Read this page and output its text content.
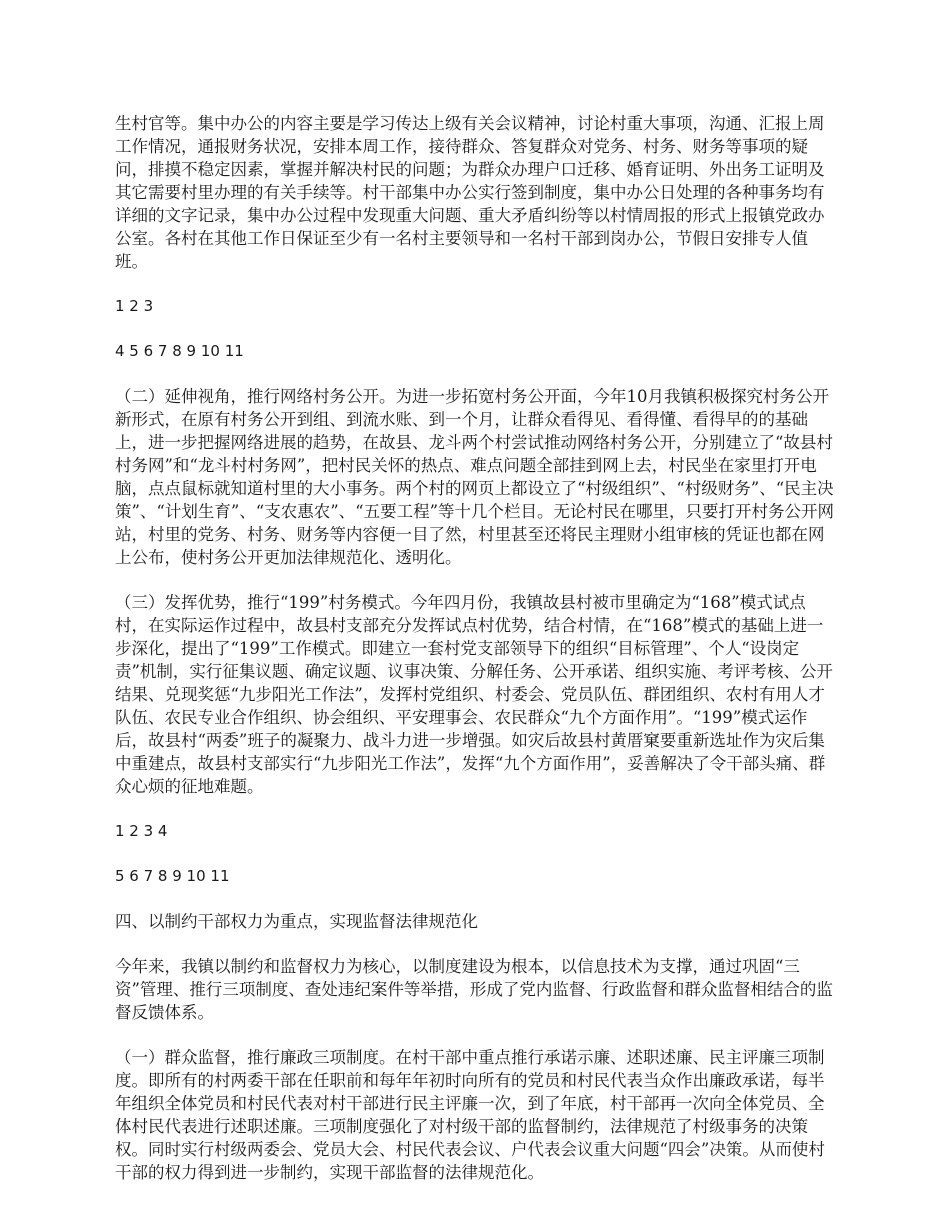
生村官等。集中办公的内容主要是学习传达上级有关会议精神，讨论村重大事项，沟通、汇报上周工作情况，通报财务状况，安排本周工作，接待群众、答复群众对党务、村务、财务等事项的疑问，排摸不稳定因素，掌握并解决村民的问题；为群众办理户口迁移、婚育证明、外出务工证明及其它需要村里办理的有关手续等。村干部集中办公实行签到制度，集中办公日处理的各种事务均有详细的文字记录，集中办公过程中发现重大问题、重大矛盾纠纷等以村情周报的形式上报镇党政办公室。各村在其他工作日保证至少有一名村主要领导和一名村干部到岗办公，节假日安排专人值班。

1 2 3

4 5 6 7 8 9 10 11

（二）延伸视角，推行网络村务公开。为进一步拓宽村务公开面，今年10月我镇积极探究村务公开新形式，在原有村务公开到组、到流水账、到一个月，让群众看得见、看得懂、看得早的的基础上，进一步把握网络进展的趋势，在故县、龙斗两个村尝试推动网络村务公开，分别建立了“故县村村务网”和“龙斗村村务网”，把村民关怀的热点、难点问题全部挂到网上去，村民坐在家里打开电脑，点点鼠标就知道村里的大小事务。两个村的网页上都设立了“村级组织”、“村级财务”、“民主决策”、“计划生育”、“支农惠农”、“五要工程”等十几个栏目。无论村民在哪里，只要打开村务公开网站，村里的党务、村务、财务等内容便一目了然，村里甚至还将民主理财小组审核的凭证也都在网上公布，使村务公开更加法律规范化、透明化。

（三）发挥优势，推行“199”村务模式。今年四月份，我镇故县村被市里确定为“168”模式试点村，在实际运作过程中，故县村支部充分发挥试点村优势，结合村情，在“168”模式的基础上进一步深化，提出了“199”工作模式。即建立一套村党支部领导下的组织“目标管理”、个人“设岗定责”机制，实行征集议题、确定议题、议事决策、分解任务、公开承诺、组织实施、考评考核、公开结果、兑现奖惩“九步阳光工作法”，发挥村党组织、村委会、党员队伍、群团组织、农村有用人才队伍、农民专业合作组织、协会组织、平安理事会、农民群众“九个方面作用”。“199”模式运作后，故县村“两委”班子的凝聚力、战斗力进一步增强。如灾后故县村黄厝窠要重新选址作为灾后集中重建点，故县村支部实行“九步阳光工作法”，发挥“九个方面作用”，妥善解决了令干部头痛、群众心烦的征地难题。

1 2 3 4

5 6 7 8 9 10 11

四、以制约干部权力为重点，实现监督法律规范化

今年来，我镇以制约和监督权力为核心，以制度建设为根本，以信息技术为支撑，通过巩固“三资”管理、推行三项制度、查处违纪案件等举措，形成了党内监督、行政监督和群众监督相结合的监督反馈体系。

（一）群众监督，推行廉政三项制度。在村干部中重点推行承诺示廉、述职述廉、民主评廉三项制度。即所有的村两委干部在任职前和每年年初时向所有的党员和村民代表当众作出廉政承诺，每半年组织全体党员和村民代表对村干部进行民主评廉一次，到了年底，村干部再一次向全体党员、全体村民代表进行述职述廉。三项制度强化了对村级干部的监督制约，法律规范了村级事务的决策权。同时实行村级两委会、党员大会、村民代表会议、户代表会议重大问题“四会”决策。从而使村干部的权力得到进一步制约，实现干部监督的法律规范化。
